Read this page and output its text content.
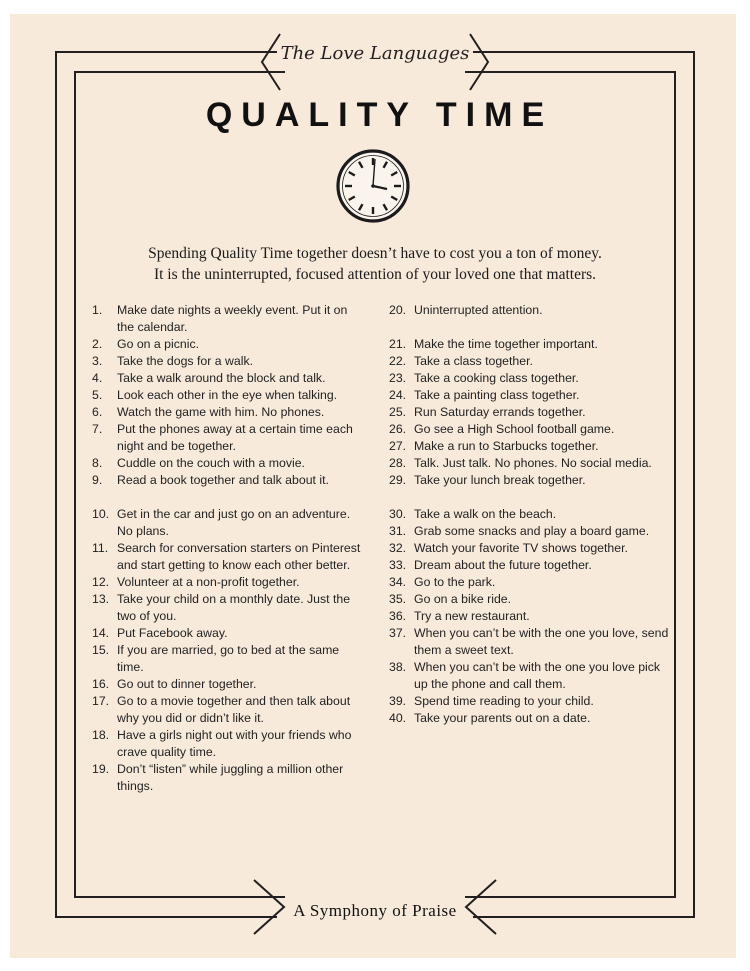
The Love Languages
QUALITY TIME
Spending Quality Time together doesn’t have to cost you a ton of money.
It is the uninterrupted, focused attention of your loved one that matters.
1. Make date nights a weekly event. Put it on the calendar.
2. Go on a picnic.
3. Take the dogs for a walk.
4. Take a walk around the block and talk.
5. Look each other in the eye when talking.
6. Watch the game with him. No phones.
7. Put the phones away at a certain time each night and be together.
8. Cuddle on the couch with a movie.
9. Read a book together and talk about it.
10. Get in the car and just go on an adventure. No plans.
11. Search for conversation starters on Pinterest and start getting to know each other better.
12. Volunteer at a non-profit together.
13. Take your child on a monthly date. Just the two of you.
14. Put Facebook away.
15. If you are married, go to bed at the same time.
16. Go out to dinner together.
17. Go to a movie together and then talk about why you did or didn’t like it.
18. Have a girls night out with your friends who crave quality time.
19. Don’t “listen” while juggling a million other things.
20. Uninterrupted attention.
21. Make the time together important.
22. Take a class together.
23. Take a cooking class together.
24. Take a painting class together.
25. Run Saturday errands together.
26. Go see a High School football game.
27. Make a run to Starbucks together.
28. Talk. Just talk. No phones. No social media.
29. Take your lunch break together.
30. Take a walk on the beach.
31. Grab some snacks and play a board game.
32. Watch your favorite TV shows together.
33. Dream about the future together.
34. Go to the park.
35. Go on a bike ride.
36. Try a new restaurant.
37. When you can’t be with the one you love, send them a sweet text.
38. When you can’t be with the one you love pick up the phone and call them.
39. Spend time reading to your child.
40. Take your parents out on a date.
A Symphony of Praise
